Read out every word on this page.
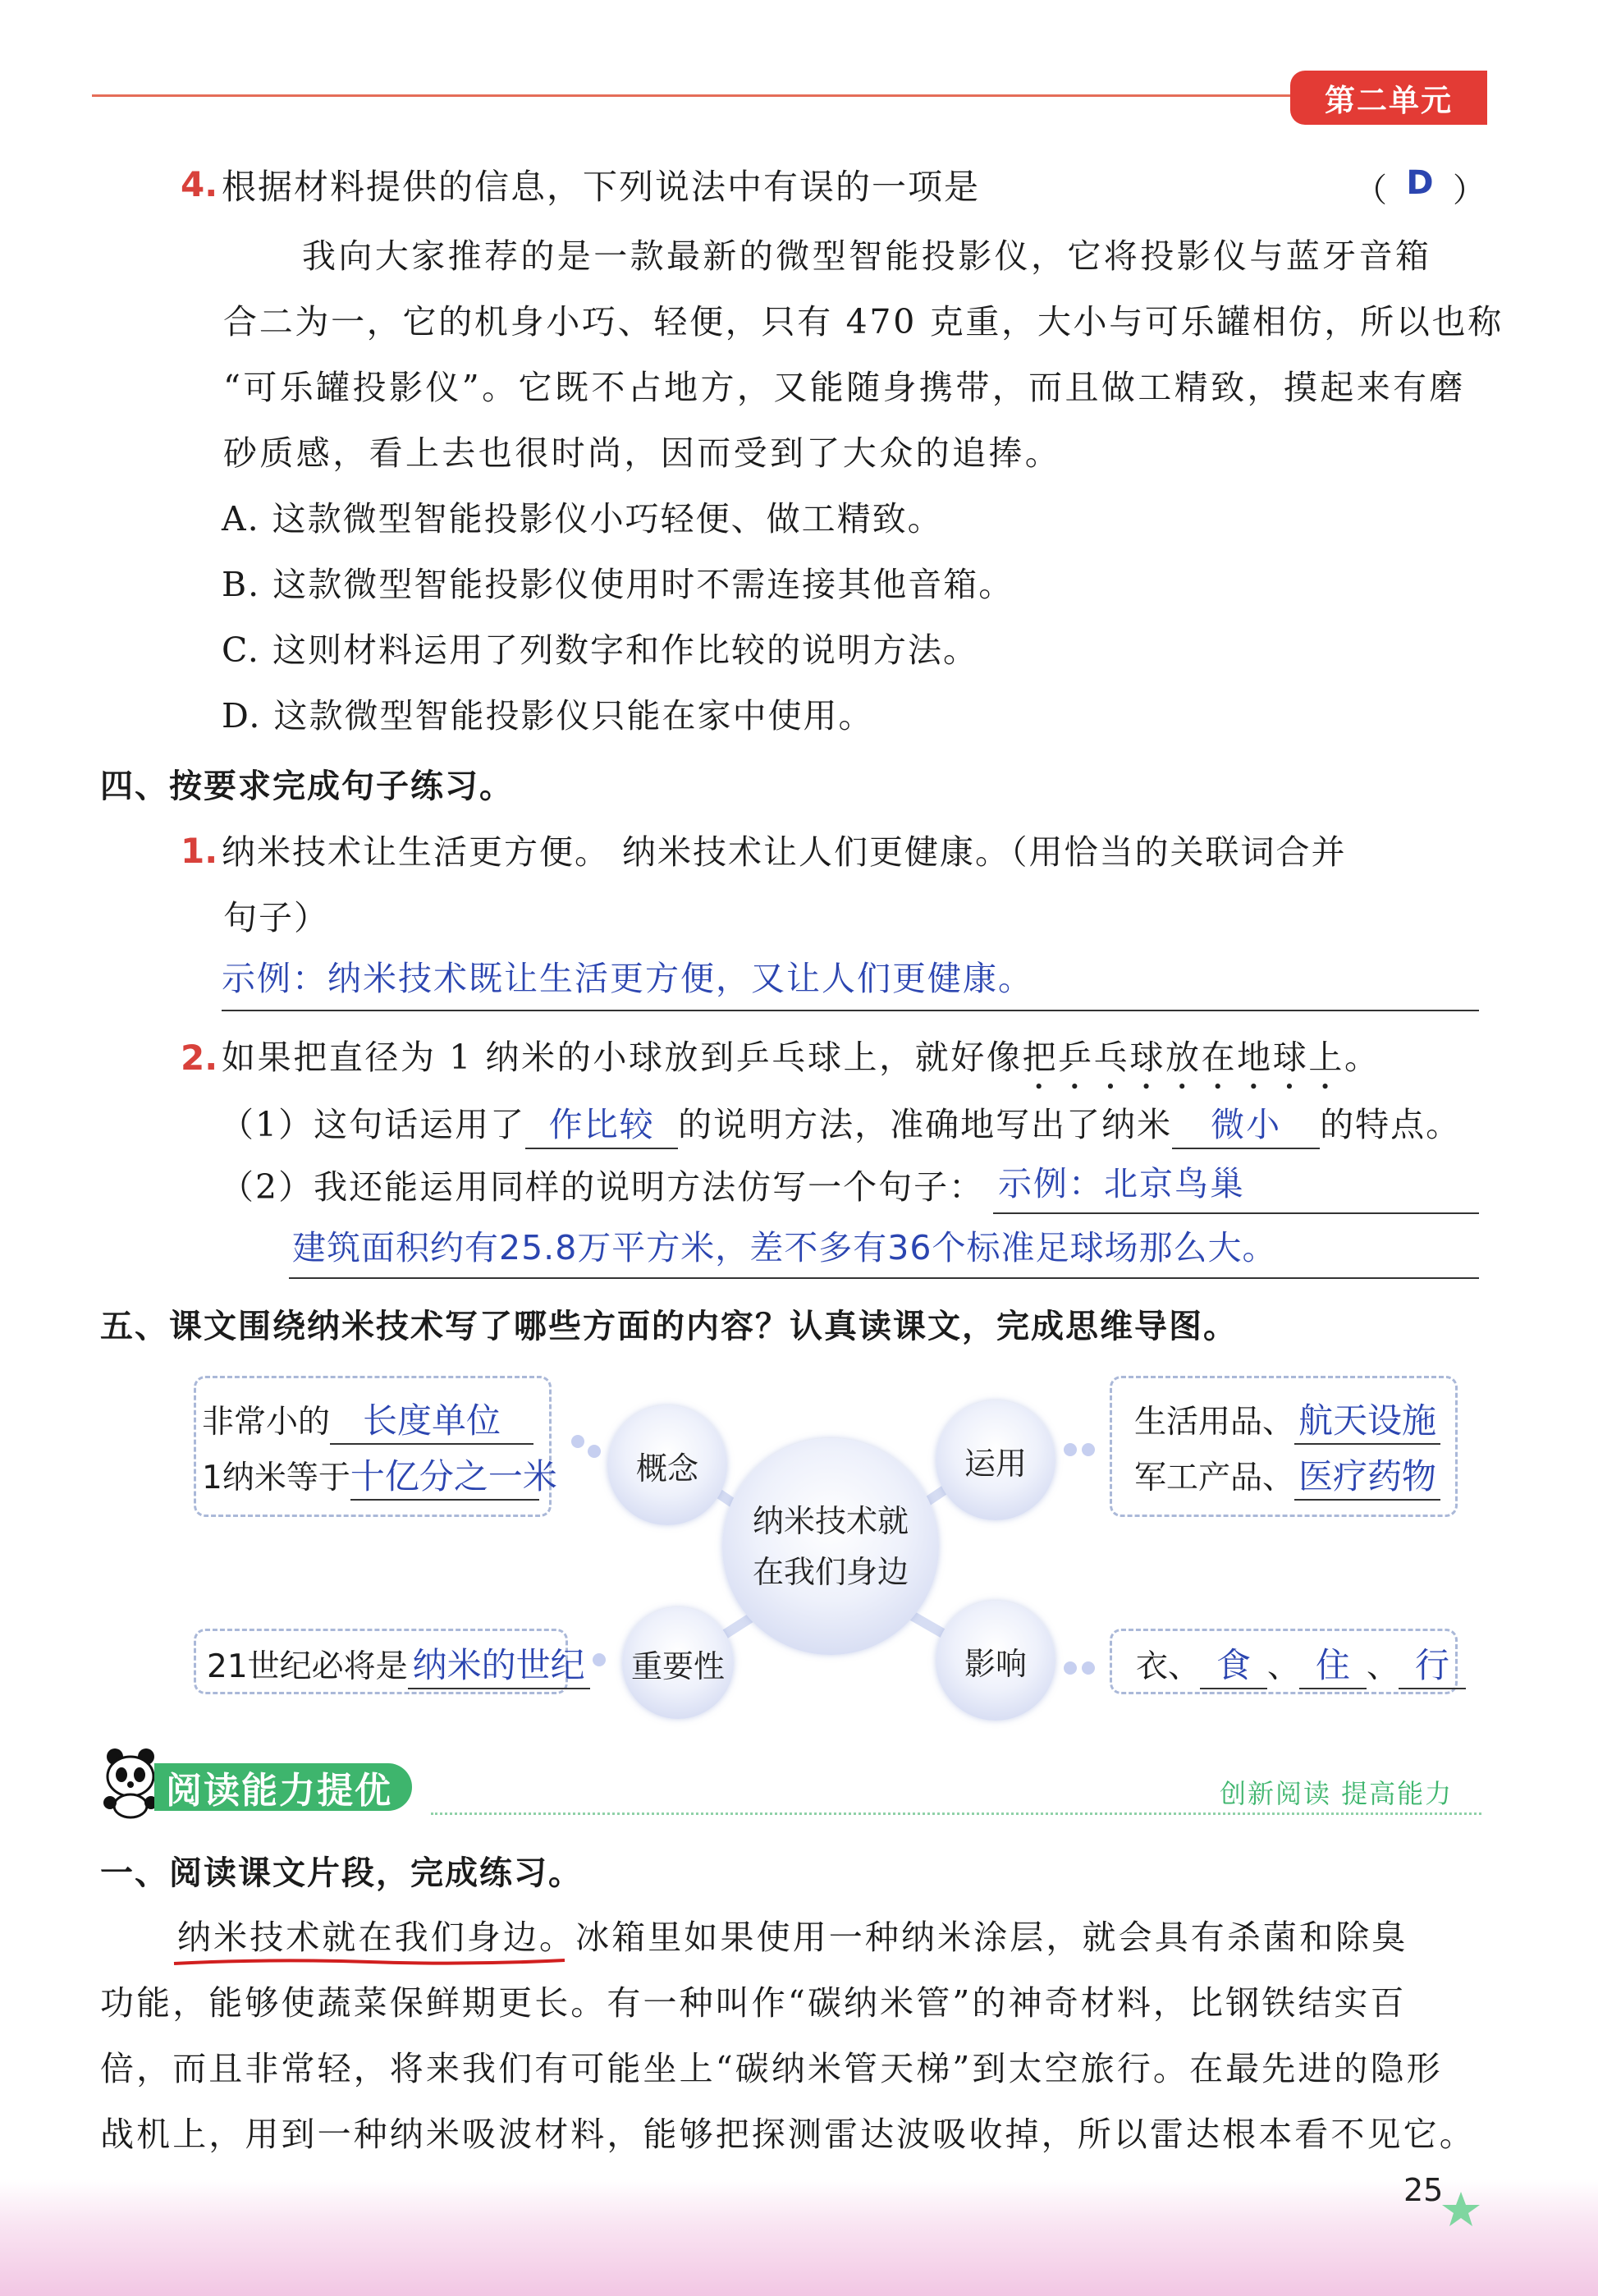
第二单元
4. 根据材料提供的信息，下列说法中有误的一项是	（ D ）
我向大家推荐的是一款最新的微型智能投影仪，它将投影仪与蓝牙音箱
合二为一，它的机身小巧、轻便，只有 470 克重，大小与可乐罐相仿，所以也称
“可乐罐投影仪”。它既不占地方，又能随身携带，而且做工精致，摸起来有磨
砂质感，看上去也很时尚，因而受到了大众的追捧。
A. 这款微型智能投影仪小巧轻便、做工精致。
B. 这款微型智能投影仪使用时不需连接其他音箱。
C. 这则材料运用了列数字和作比较的说明方法。
D. 这款微型智能投影仪只能在家中使用。
四、按要求完成句子练习。
1. 纳米技术让生活更方便。 纳米技术让人们更健康。（用恰当的关联词合并
句子）
示例：纳米技术既让生活更方便，又让人们更健康。
2. 如果把直径为 1 纳米的小球放到乒乓球上，就好像把乒乓球放在地球上。
（1）这句话运用了 作比较 的说明方法，准确地写出了纳米 微小 的特点。
（2）我还能运用同样的说明方法仿写一个句子： 示例：北京鸟巢
建筑面积约有25.8万平方米，差不多有36个标准足球场那么大。
五、课文围绕纳米技术写了哪些方面的内容？认真读课文，完成思维导图。
非常小的 长度单位
1纳米等于十亿分之一米
生活用品、 航天设施
军工产品、 医疗药物
21世纪必将是 纳米的世纪	衣、 食 、 住 、 行
概念	运用
重要性	影响
纳米技术就
在我们身边
阅读能力提优	创新阅读 提高能力
一、阅读课文片段，完成练习。
纳米技术就在我们身边
。冰箱里如果使用一种纳米涂层，就会具有杀菌和除臭
功能，能够使蔬菜保鲜期更长。有一种叫作“碳纳米管”的神奇材料，比钢铁结实百
倍，而且非常轻，将来我们有可能坐上“碳纳米管天梯”到太空旅行。在最先进的隐形
战机上，用到一种纳米吸波材料，能够把探测雷达波吸收掉，所以雷达根本看不见它。
25
